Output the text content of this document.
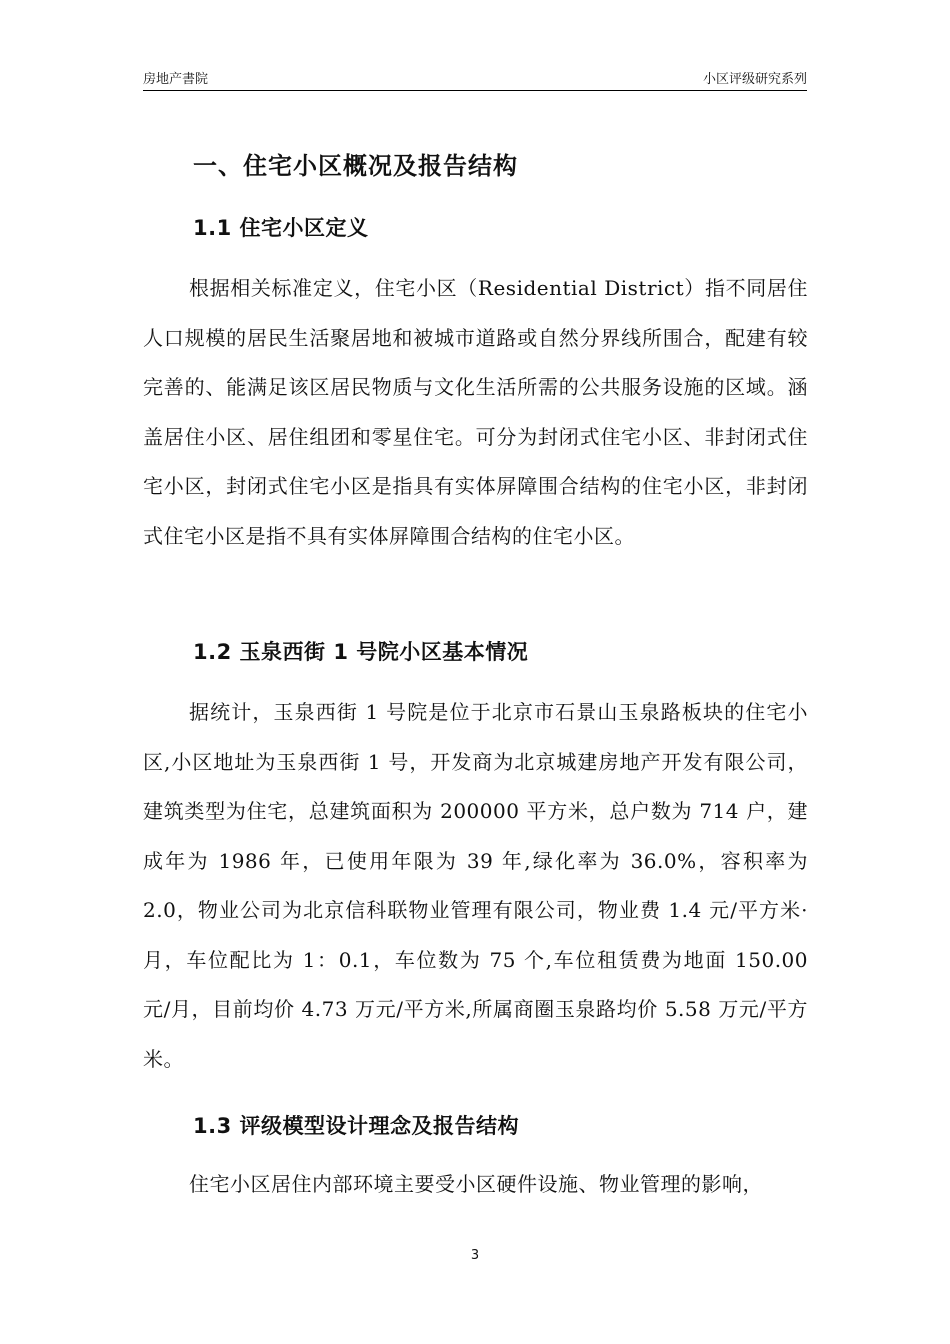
房地产書院	小区评级研究系列
一、住宅小区概况及报告结构
1.1 住宅小区定义

根据相关标准定义，住宅小区（Residential District）指不同居住人口规模的居民生活聚居地和被城市道路或自然分界线所围合，配建有较完善的、能满足该区居民物质与文化生活所需的公共服务设施的区域。涵盖居住小区、居住组团和零星住宅。可分为封闭式住宅小区、非封闭式住宅小区，封闭式住宅小区是指具有实体屏障围合结构的住宅小区，非封闭式住宅小区是指不具有实体屏障围合结构的住宅小区。

1.2 玉泉西街 1 号院小区基本情况

据统计，玉泉西街 1 号院是位于北京市石景山玉泉路板块的住宅小区,小区地址为玉泉西街 1 号，开发商为北京城建房地产开发有限公司，建筑类型为住宅，总建筑面积为 200000 平方米，总户数为 714 户，建成年为 1986 年，已使用年限为 39 年,绿化率为 36.0%，容积率为 2.0，物业公司为北京信科联物业管理有限公司，物业费 1.4 元/平方米·月，车位配比为 1：0.1，车位数为 75 个,车位租赁费为地面 150.00 元/月，目前均价 4.73 万元/平方米,所属商圈玉泉路均价 5.58 万元/平方米。

1.3 评级模型设计理念及报告结构

住宅小区居住内部环境主要受小区硬件设施、物业管理的影响，

3
